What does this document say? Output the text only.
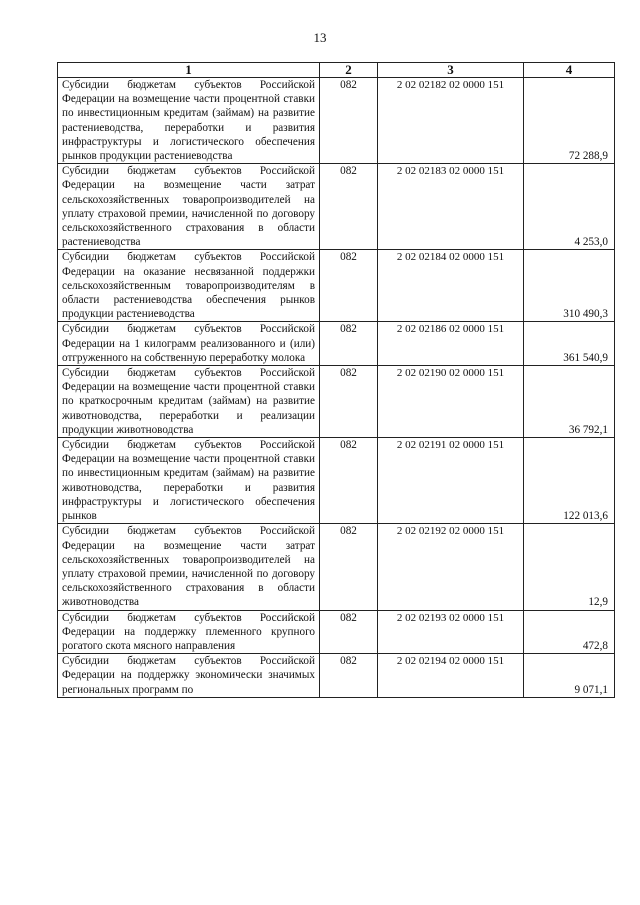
13
1	2	3	4
Субсидии бюджетам субъектов Российской Федерации на возмещение части процентной ставки по инвестиционным кредитам (займам) на развитие растениеводства, переработки и развития инфраструктуры и логистического обеспечения рынков продукции растениеводства	082	2 02 02182 02 0000 151	72 288,9
Субсидии бюджетам субъектов Российской Федерации на возмещение части затрат сельскохозяйственных товаропроизводителей на уплату страховой премии, начисленной по договору сельскохозяйственного страхования в области растениеводства	082	2 02 02183 02 0000 151	4 253,0
Субсидии бюджетам субъектов Российской Федерации на оказание несвязанной поддержки сельскохозяйственным товаропроизводителям в области растениеводства обеспечения рынков продукции растениеводства	082	2 02 02184 02 0000 151	310 490,3
Субсидии бюджетам субъектов Российской Федерации на 1 килограмм реализованного и (или) отгруженного на собственную переработку молока	082	2 02 02186 02 0000 151	361 540,9
Субсидии бюджетам субъектов Российской Федерации на возмещение части процентной ставки по краткосрочным кредитам (займам) на развитие животноводства, переработки и реализации продукции животноводства	082	2 02 02190 02 0000 151	36 792,1
Субсидии бюджетам субъектов Российской Федерации на возмещение части процентной ставки по инвестиционным кредитам (займам) на развитие животноводства, переработки и развития инфраструктуры и логистического обеспечения рынков	082	2 02 02191 02 0000 151	122 013,6
Субсидии бюджетам субъектов Российской Федерации на возмещение части затрат сельскохозяйственных товаропроизводителей на уплату страховой премии, начисленной по договору сельскохозяйственного страхования в области животноводства	082	2 02 02192 02 0000 151	12,9
Субсидии бюджетам субъектов Российской Федерации на поддержку племенного крупного рогатого скота мясного направления	082	2 02 02193 02 0000 151	472,8
Субсидии бюджетам субъектов Российской Федерации на поддержку экономически значимых региональных программ по	082	2 02 02194 02 0000 151	9 071,1
